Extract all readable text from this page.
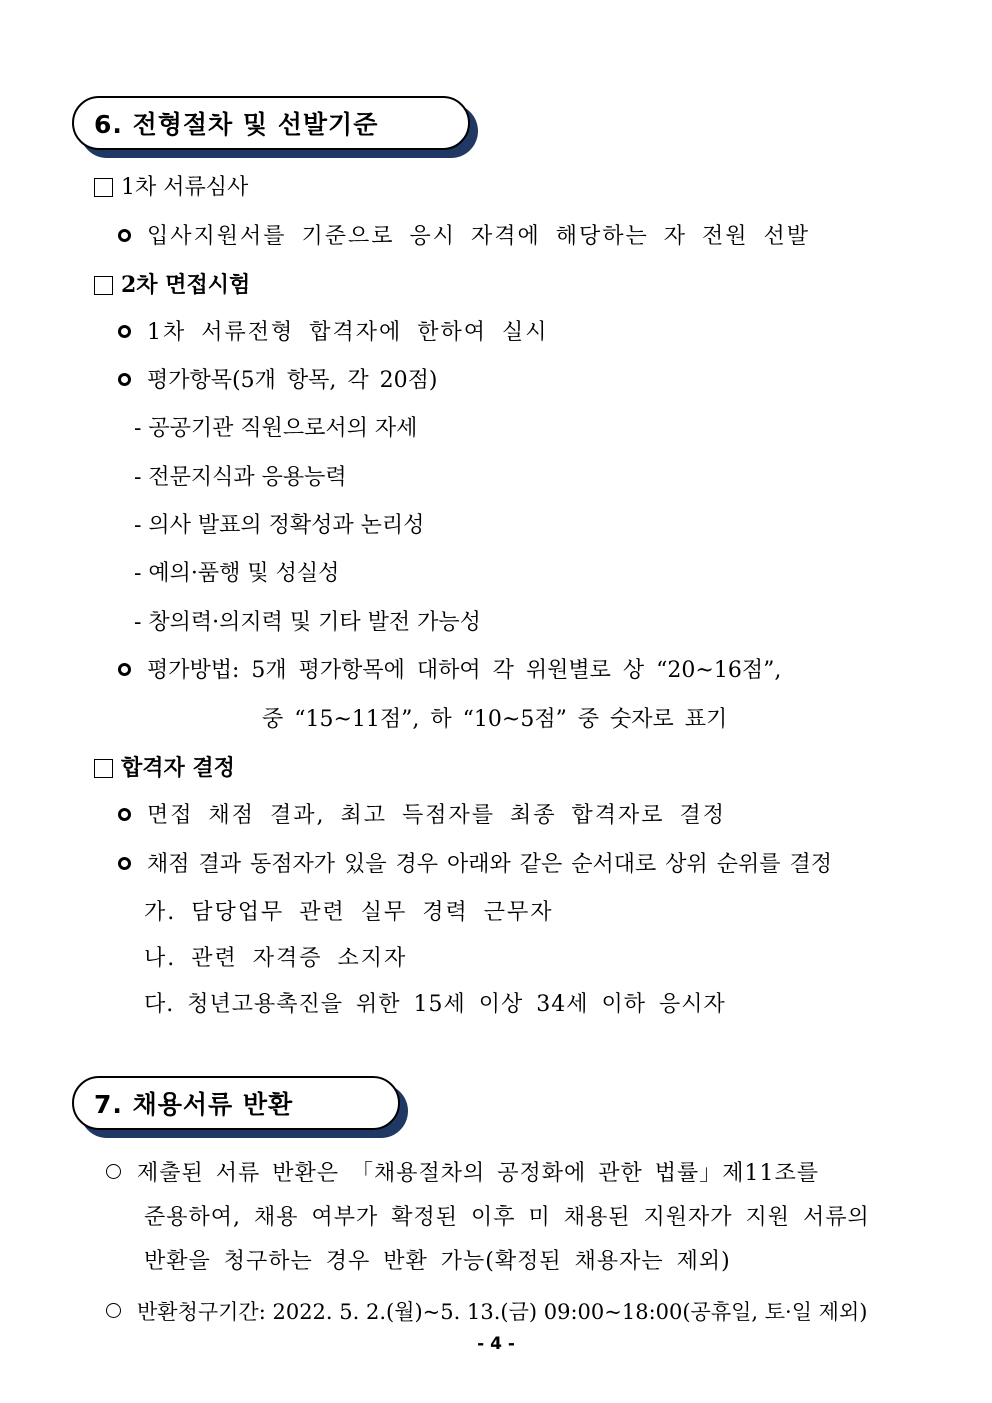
6. 전형절차 및 선발기준
1차 서류심사
입사지원서를 기준으로 응시 자격에 해당하는 자 전원 선발
2차 면접시험
1차 서류전형 합격자에 한하여 실시
평가항목(5개 항목, 각 20점)
- 공공기관 직원으로서의 자세
- 전문지식과 응용능력
- 의사 발표의 정확성과 논리성
- 예의·품행 및 성실성
- 창의력·의지력 및 기타 발전 가능성
평가방법: 5개 평가항목에 대하여 각 위원별로 상 “20~16점”,
중 “15~11점”, 하 “10~5점” 중 숫자로 표기
합격자 결정
면접 채점 결과, 최고 득점자를 최종 합격자로 결정
채점 결과 동점자가 있을 경우 아래와 같은 순서대로 상위 순위를 결정
가. 담당업무 관련 실무 경력 근무자
나. 관련 자격증 소지자
다. 청년고용촉진을 위한 15세 이상 34세 이하 응시자
7. 채용서류 반환
제출된 서류 반환은 「채용절차의 공정화에 관한 법률」제11조를
준용하여, 채용 여부가 확정된 이후 미 채용된 지원자가 지원 서류의
반환을 청구하는 경우 반환 가능(확정된 채용자는 제외)
반환청구기간: 2022. 5. 2.(월)~5. 13.(금) 09:00~18:00(공휴일, 토·일 제외)
- 4 -
